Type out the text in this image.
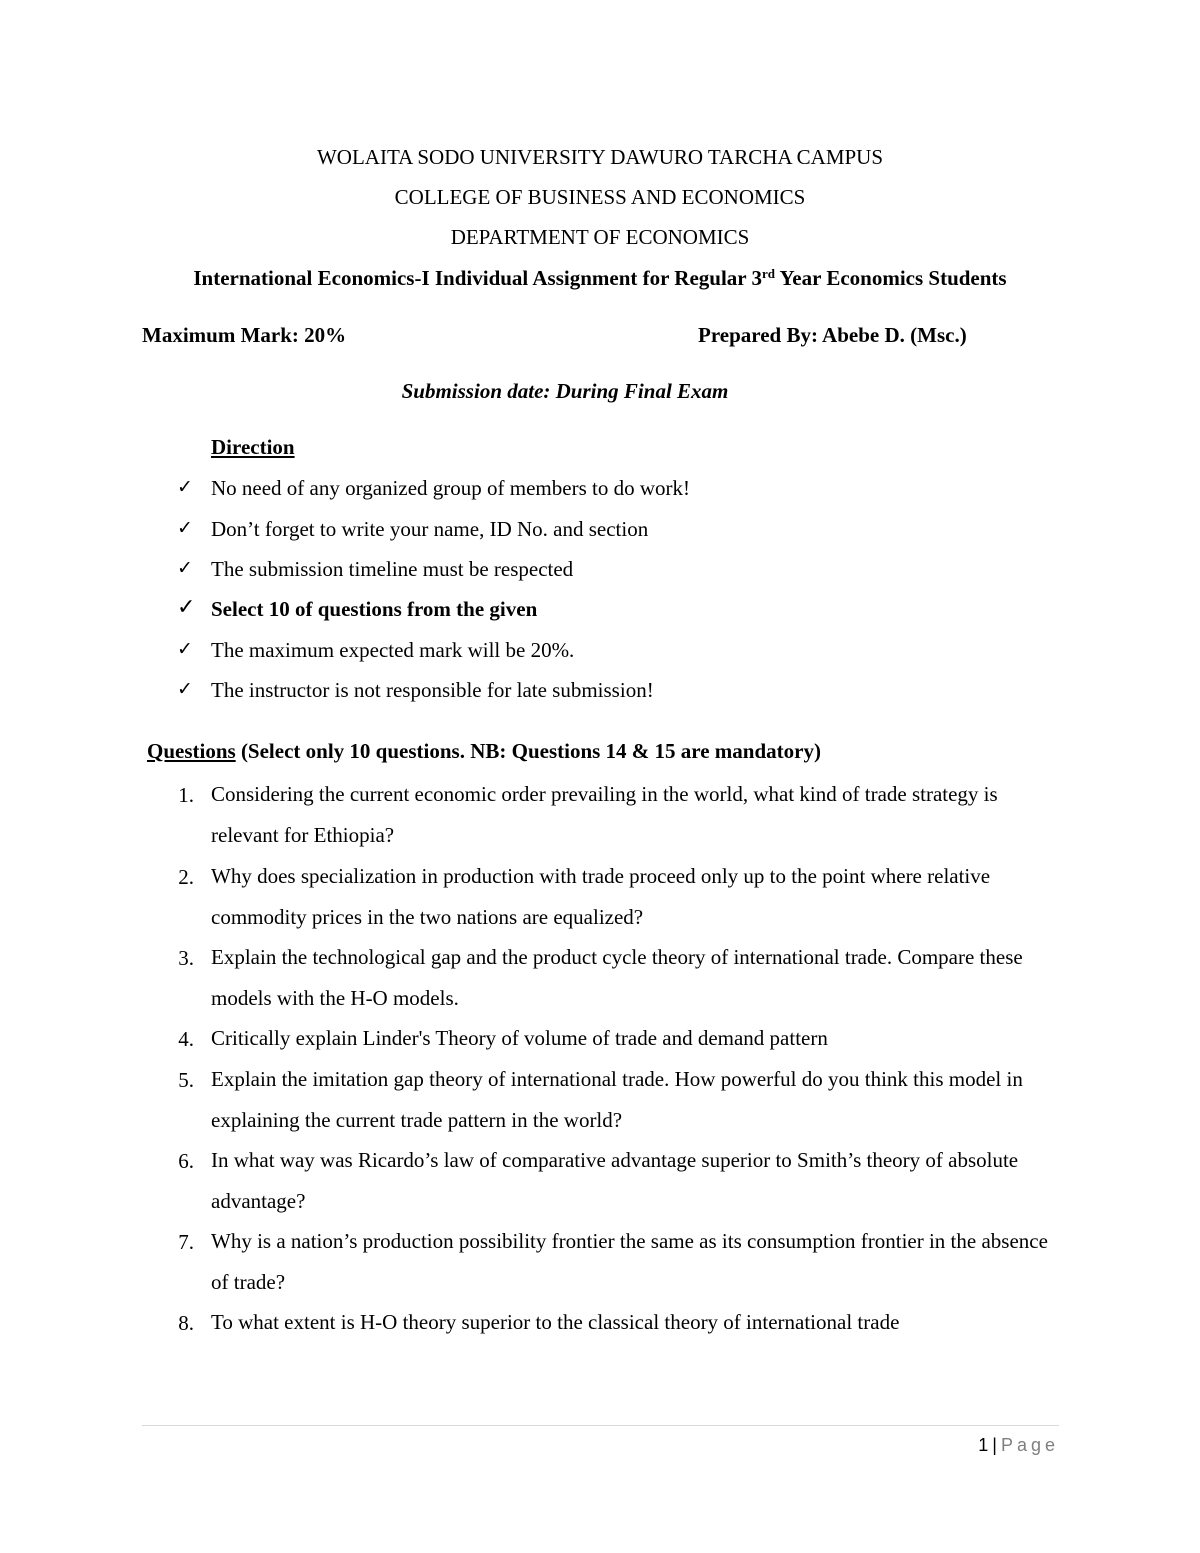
WOLAITA SODO UNIVERSITY DAWURO TARCHA CAMPUS
COLLEGE OF BUSINESS AND ECONOMICS
DEPARTMENT OF ECONOMICS
International Economics-I Individual Assignment for Regular 3rd Year Economics Students
Maximum Mark: 20%	Prepared By: Abebe D. (Msc.)
Submission date: During Final Exam
Direction
✓ No need of any organized group of members to do work!
✓ Don’t forget to write your name, ID No. and section
✓ The submission timeline must be respected
✓ Select 10 of questions from the given
✓ The maximum expected mark will be 20%.
✓ The instructor is not responsible for late submission!
Questions (Select only 10 questions. NB: Questions 14 & 15 are mandatory)
1. Considering the current economic order prevailing in the world, what kind of trade strategy is relevant for Ethiopia?
2. Why does specialization in production with trade proceed only up to the point where relative commodity prices in the two nations are equalized?
3. Explain the technological gap and the product cycle theory of international trade. Compare these models with the H-O models.
4. Critically explain Linder's Theory of volume of trade and demand pattern
5. Explain the imitation gap theory of international trade. How powerful do you think this model in explaining the current trade pattern in the world?
6. In what way was Ricardo’s law of comparative advantage superior to Smith’s theory of absolute advantage?
7. Why is a nation’s production possibility frontier the same as its consumption frontier in the absence of trade?
8. To what extent is H-O theory superior to the classical theory of international trade
1 | Page
